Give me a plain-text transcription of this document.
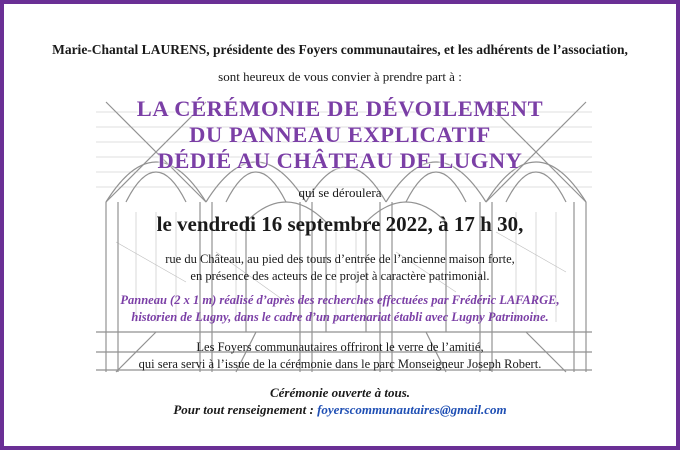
Marie-Chantal LAURENS, présidente des Foyers communautaires, et les adhérents de l’association,
sont heureux de vous convier à prendre part à :
LA CÉRÉMONIE DE DÉVOILEMENT
DU PANNEAU EXPLICATIF
DÉDIÉ AU CHÂTEAU DE LUGNY
qui se déroulera
le vendredi 16 septembre 2022, à 17 h 30,
rue du Château, au pied des tours d’entrée de l’ancienne maison forte,
en présence des acteurs de ce projet à caractère patrimonial.
Panneau (2 x 1 m) réalisé d’après des recherches effectuées par Frédéric LAFARGE,
historien de Lugny, dans le cadre d’un partenariat établi avec Lugny Patrimoine.
Les Foyers communautaires offriront le verre de l’amitié,
qui sera servi à l’issue de la cérémonie dans le parc Monseigneur Joseph Robert.
Cérémonie ouverte à tous.
Pour tout renseignement : foyerscommunautaires@gmail.com
